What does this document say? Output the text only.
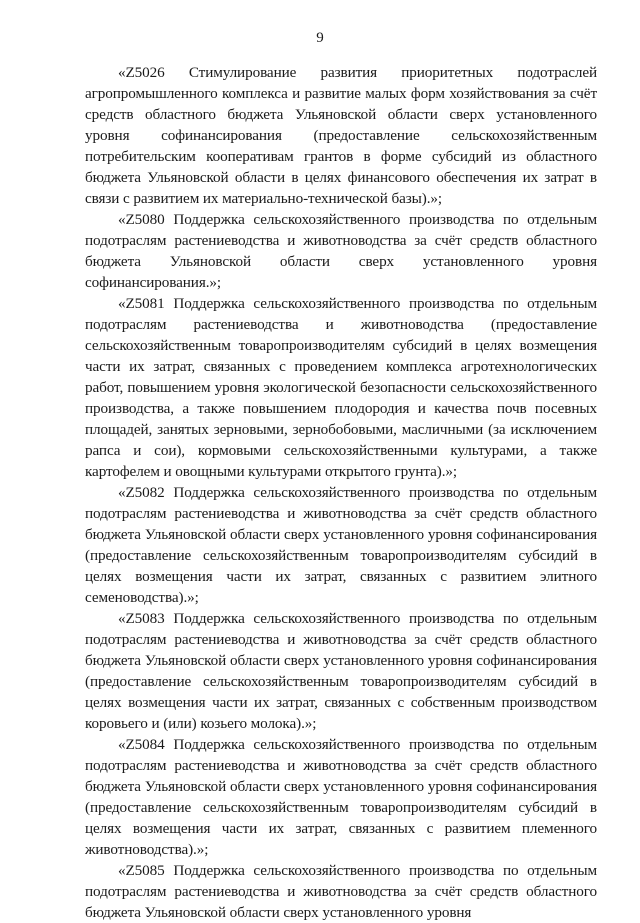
9

«Z5026 Стимулирование развития приоритетных подотраслей агропромышленного комплекса и развитие малых форм хозяйствования за счёт средств областного бюджета Ульяновской области сверх установленного уровня софинансирования (предоставление сельскохозяйственным потребительским кооперативам грантов в форме субсидий из областного бюджета Ульяновской области в целях финансового обеспечения их затрат в связи с развитием их материально-технической базы).»;

«Z5080 Поддержка сельскохозяйственного производства по отдельным подотраслям растениеводства и животноводства за счёт средств областного бюджета Ульяновской области сверх установленного уровня софинансирования.»;

«Z5081 Поддержка сельскохозяйственного производства по отдельным подотраслям растениеводства и животноводства (предоставление сельскохозяйственным товаропроизводителям субсидий в целях возмещения части их затрат, связанных с проведением комплекса агротехнологических работ, повышением уровня экологической безопасности сельскохозяйственного производства, а также повышением плодородия и качества почв посевных площадей, занятых зерновыми, зернобобовыми, масличными (за исключением рапса и сои), кормовыми сельскохозяйственными культурами, а также картофелем и овощными культурами открытого грунта).»;

«Z5082 Поддержка сельскохозяйственного производства по отдельным подотраслям растениеводства и животноводства за счёт средств областного бюджета Ульяновской области сверх установленного уровня софинансирования (предоставление сельскохозяйственным товаропроизводителям субсидий в целях возмещения части их затрат, связанных с развитием элитного семеноводства).»;

«Z5083 Поддержка сельскохозяйственного производства по отдельным подотраслям растениеводства и животноводства за счёт средств областного бюджета Ульяновской области сверх установленного уровня софинансирования (предоставление сельскохозяйственным товаропроизводителям субсидий в целях возмещения части их затрат, связанных с собственным производством коровьего и (или) козьего молока).»;

«Z5084 Поддержка сельскохозяйственного производства по отдельным подотраслям растениеводства и животноводства за счёт средств областного бюджета Ульяновской области сверх установленного уровня софинансирования (предоставление сельскохозяйственным товаропроизводителям субсидий в целях возмещения части их затрат, связанных с развитием племенного животноводства).»;

«Z5085 Поддержка сельскохозяйственного производства по отдельным подотраслям растениеводства и животноводства за счёт средств областного бюджета Ульяновской области сверх установленного уровня
